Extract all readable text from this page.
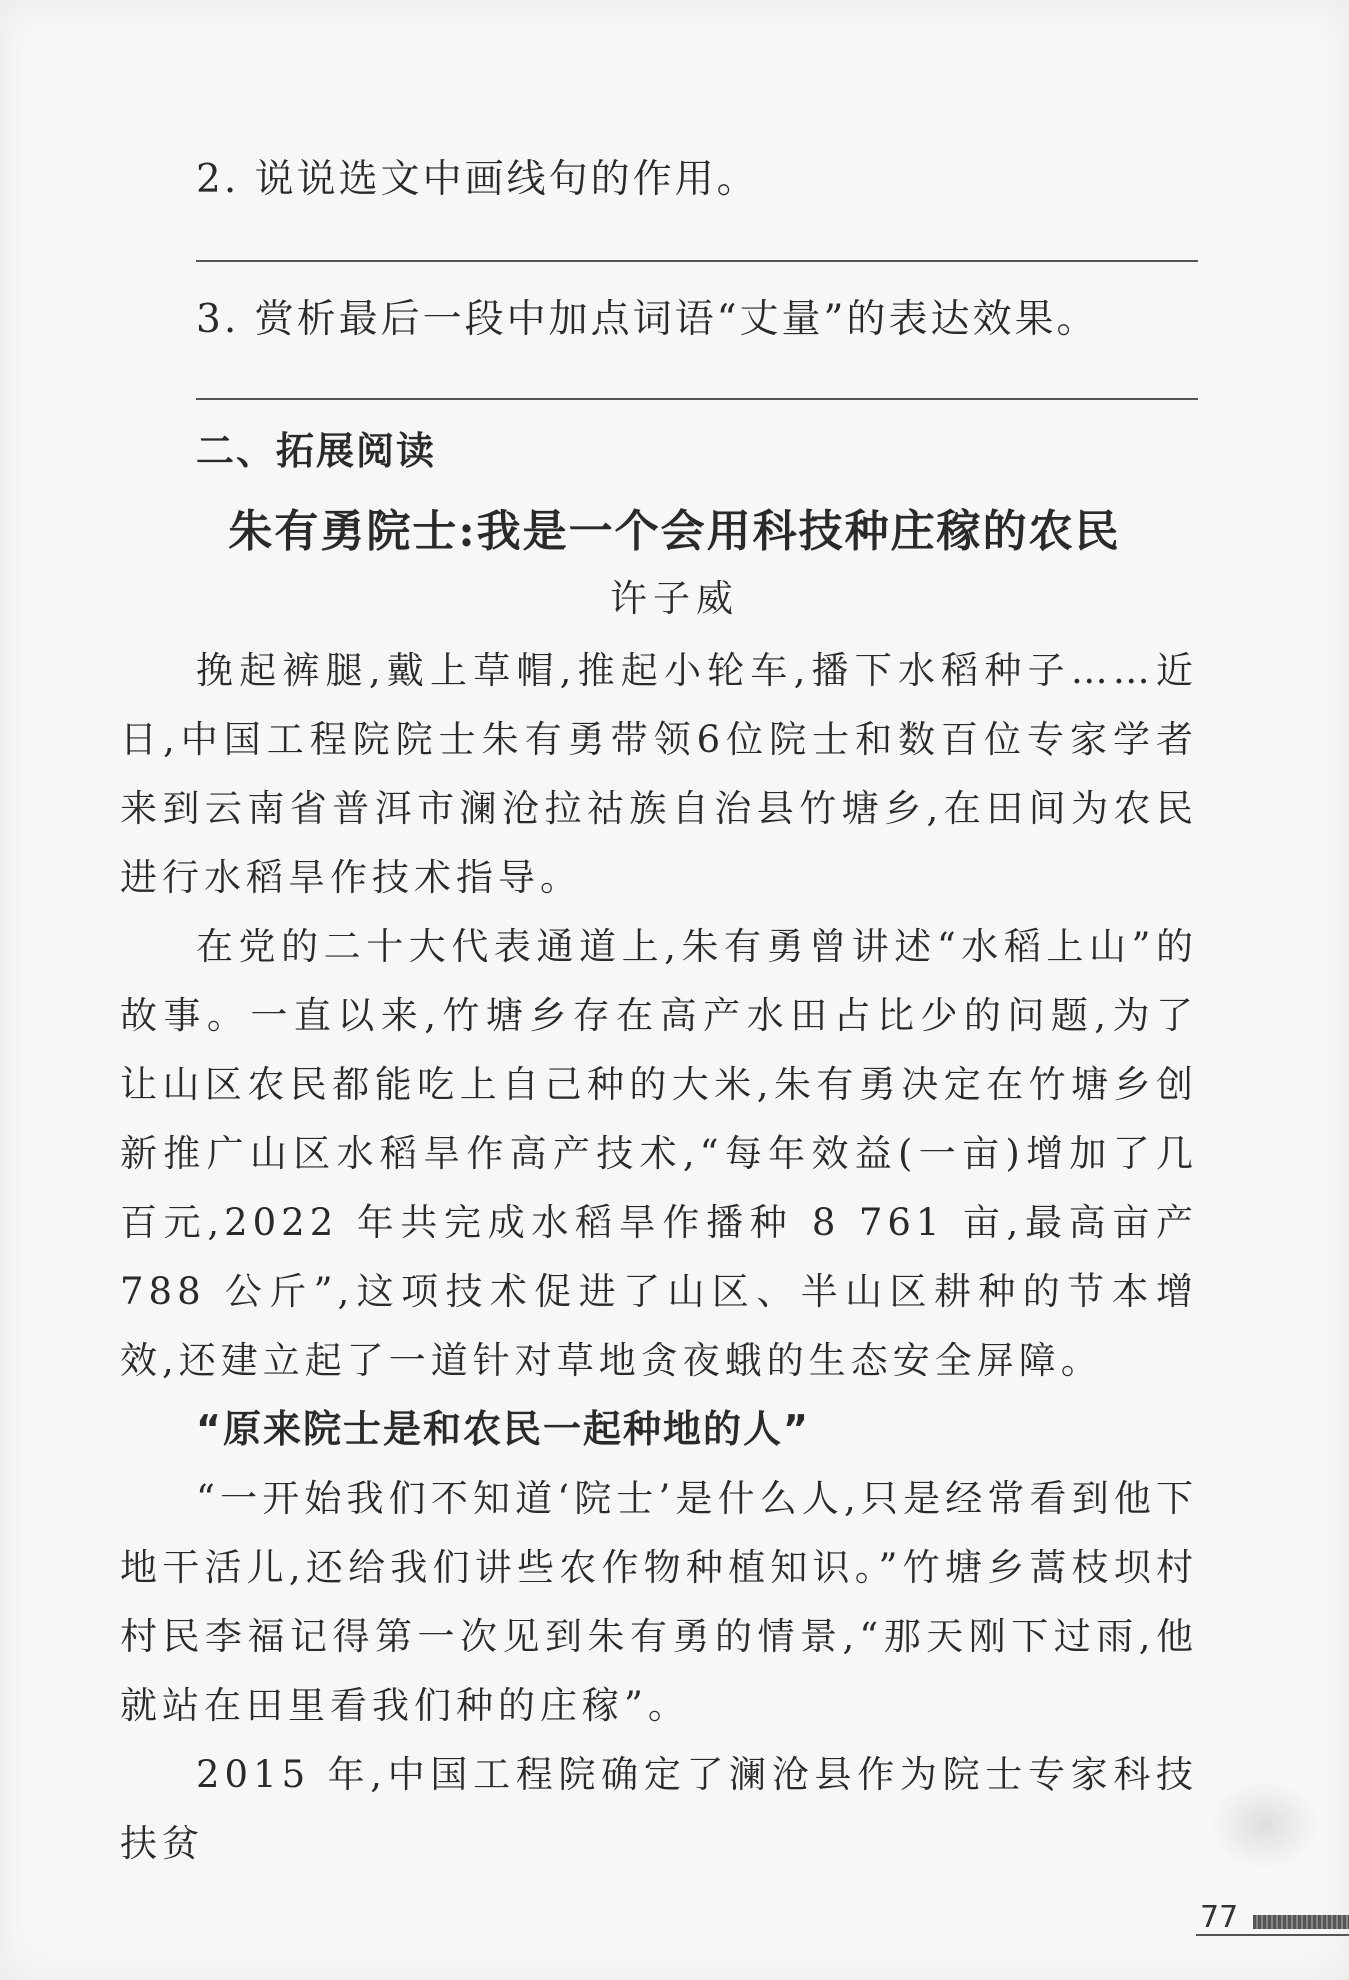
2. 说说选文中画线句的作用。
3. 赏析最后一段中加点词语“丈量”的表达效果。
二、拓展阅读
朱有勇院士:我是一个会用科技种庄稼的农民
许子威

挽起裤腿,戴上草帽,推起小轮车,播下水稻种子……近日,中国工程院院士朱有勇带领6位院士和数百位专家学者来到云南省普洱市澜沧拉祜族自治县竹塘乡,在田间为农民进行水稻旱作技术指导。

在党的二十大代表通道上,朱有勇曾讲述“水稻上山”的故事。一直以来,竹塘乡存在高产水田占比少的问题,为了让山区农民都能吃上自己种的大米,朱有勇决定在竹塘乡创新推广山区水稻旱作高产技术,“每年效益(一亩)增加了几百元,2022 年共完成水稻旱作播种 8 761 亩,最高亩产 788 公斤”,这项技术促进了山区、半山区耕种的节本增效,还建立起了一道针对草地贪夜蛾的生态安全屏障。

“原来院士是和农民一起种地的人”

“一开始我们不知道‘院士’是什么人,只是经常看到他下地干活儿,还给我们讲些农作物种植知识。”竹塘乡蒿枝坝村村民李福记得第一次见到朱有勇的情景,“那天刚下过雨,他就站在田里看我们种的庄稼”。

2015 年,中国工程院确定了澜沧县作为院士专家科技扶贫

77
